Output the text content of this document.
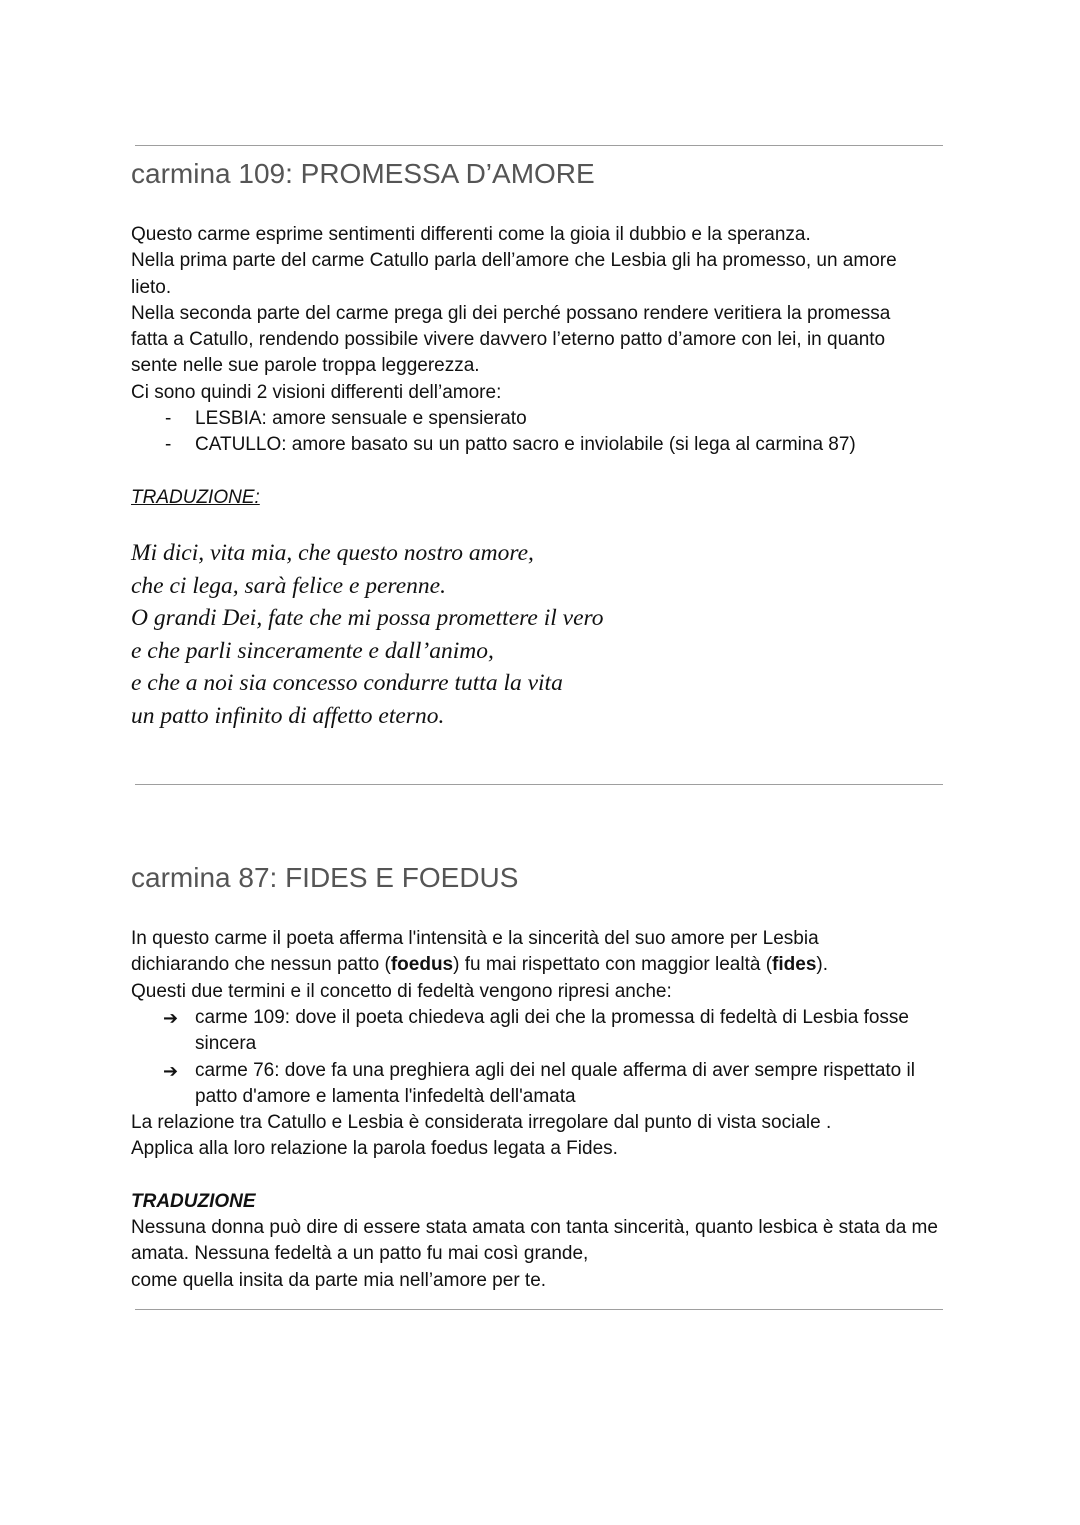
carmina 109: PROMESSA D’AMORE

Questo carme esprime sentimenti differenti come la gioia il dubbio e la speranza.

Nella prima parte del carme Catullo parla dell’amore che Lesbia gli ha promesso, un amore lieto.

Nella seconda parte del carme prega gli dei perché possano rendere veritiera la promessa fatta a Catullo, rendendo possibile vivere davvero l’eterno patto d’amore con lei, in quanto sente nelle sue parole troppa leggerezza.

Ci sono quindi 2 visioni differenti dell’amore:

- LESBIA: amore sensuale e spensierato
- CATULLO: amore basato su un patto sacro e inviolabile (si lega al carmina 87)
TRADUZIONE:
Mi dici, vita mia, che questo nostro amore,
che ci lega, sarà felice e perenne.
O grandi Dei, fate che mi possa promettere il vero
e che parli sinceramente e dall’animo,
e che a noi sia concesso condurre tutta la vita
un patto infinito di affetto eterno.
carmina 87: FIDES E FOEDUS

In questo carme il poeta afferma l'intensità e la sincerità del suo amore per Lesbia

dichiarando che nessun patto (foedus) fu mai rispettato con maggior lealtà (fides).

Questi due termini e il concetto di fedeltà vengono ripresi anche:

➔ carme 109: dove il poeta chiedeva agli dei che la promessa di fedeltà di Lesbia fosse sincera
➔ carme 76: dove fa una preghiera agli dei nel quale afferma di aver sempre rispettato il patto d'amore e lamenta l'infedeltà dell'amata

La relazione tra Catullo e Lesbia è considerata irregolare dal punto di vista sociale .

Applica alla loro relazione la parola foedus legata a Fides.

TRADUZIONE

Nessuna donna può dire di essere stata amata con tanta sincerità, quanto lesbica è stata da me amata. Nessuna fedeltà a un patto fu mai così grande,

come quella insita da parte mia nell’amore per te.
